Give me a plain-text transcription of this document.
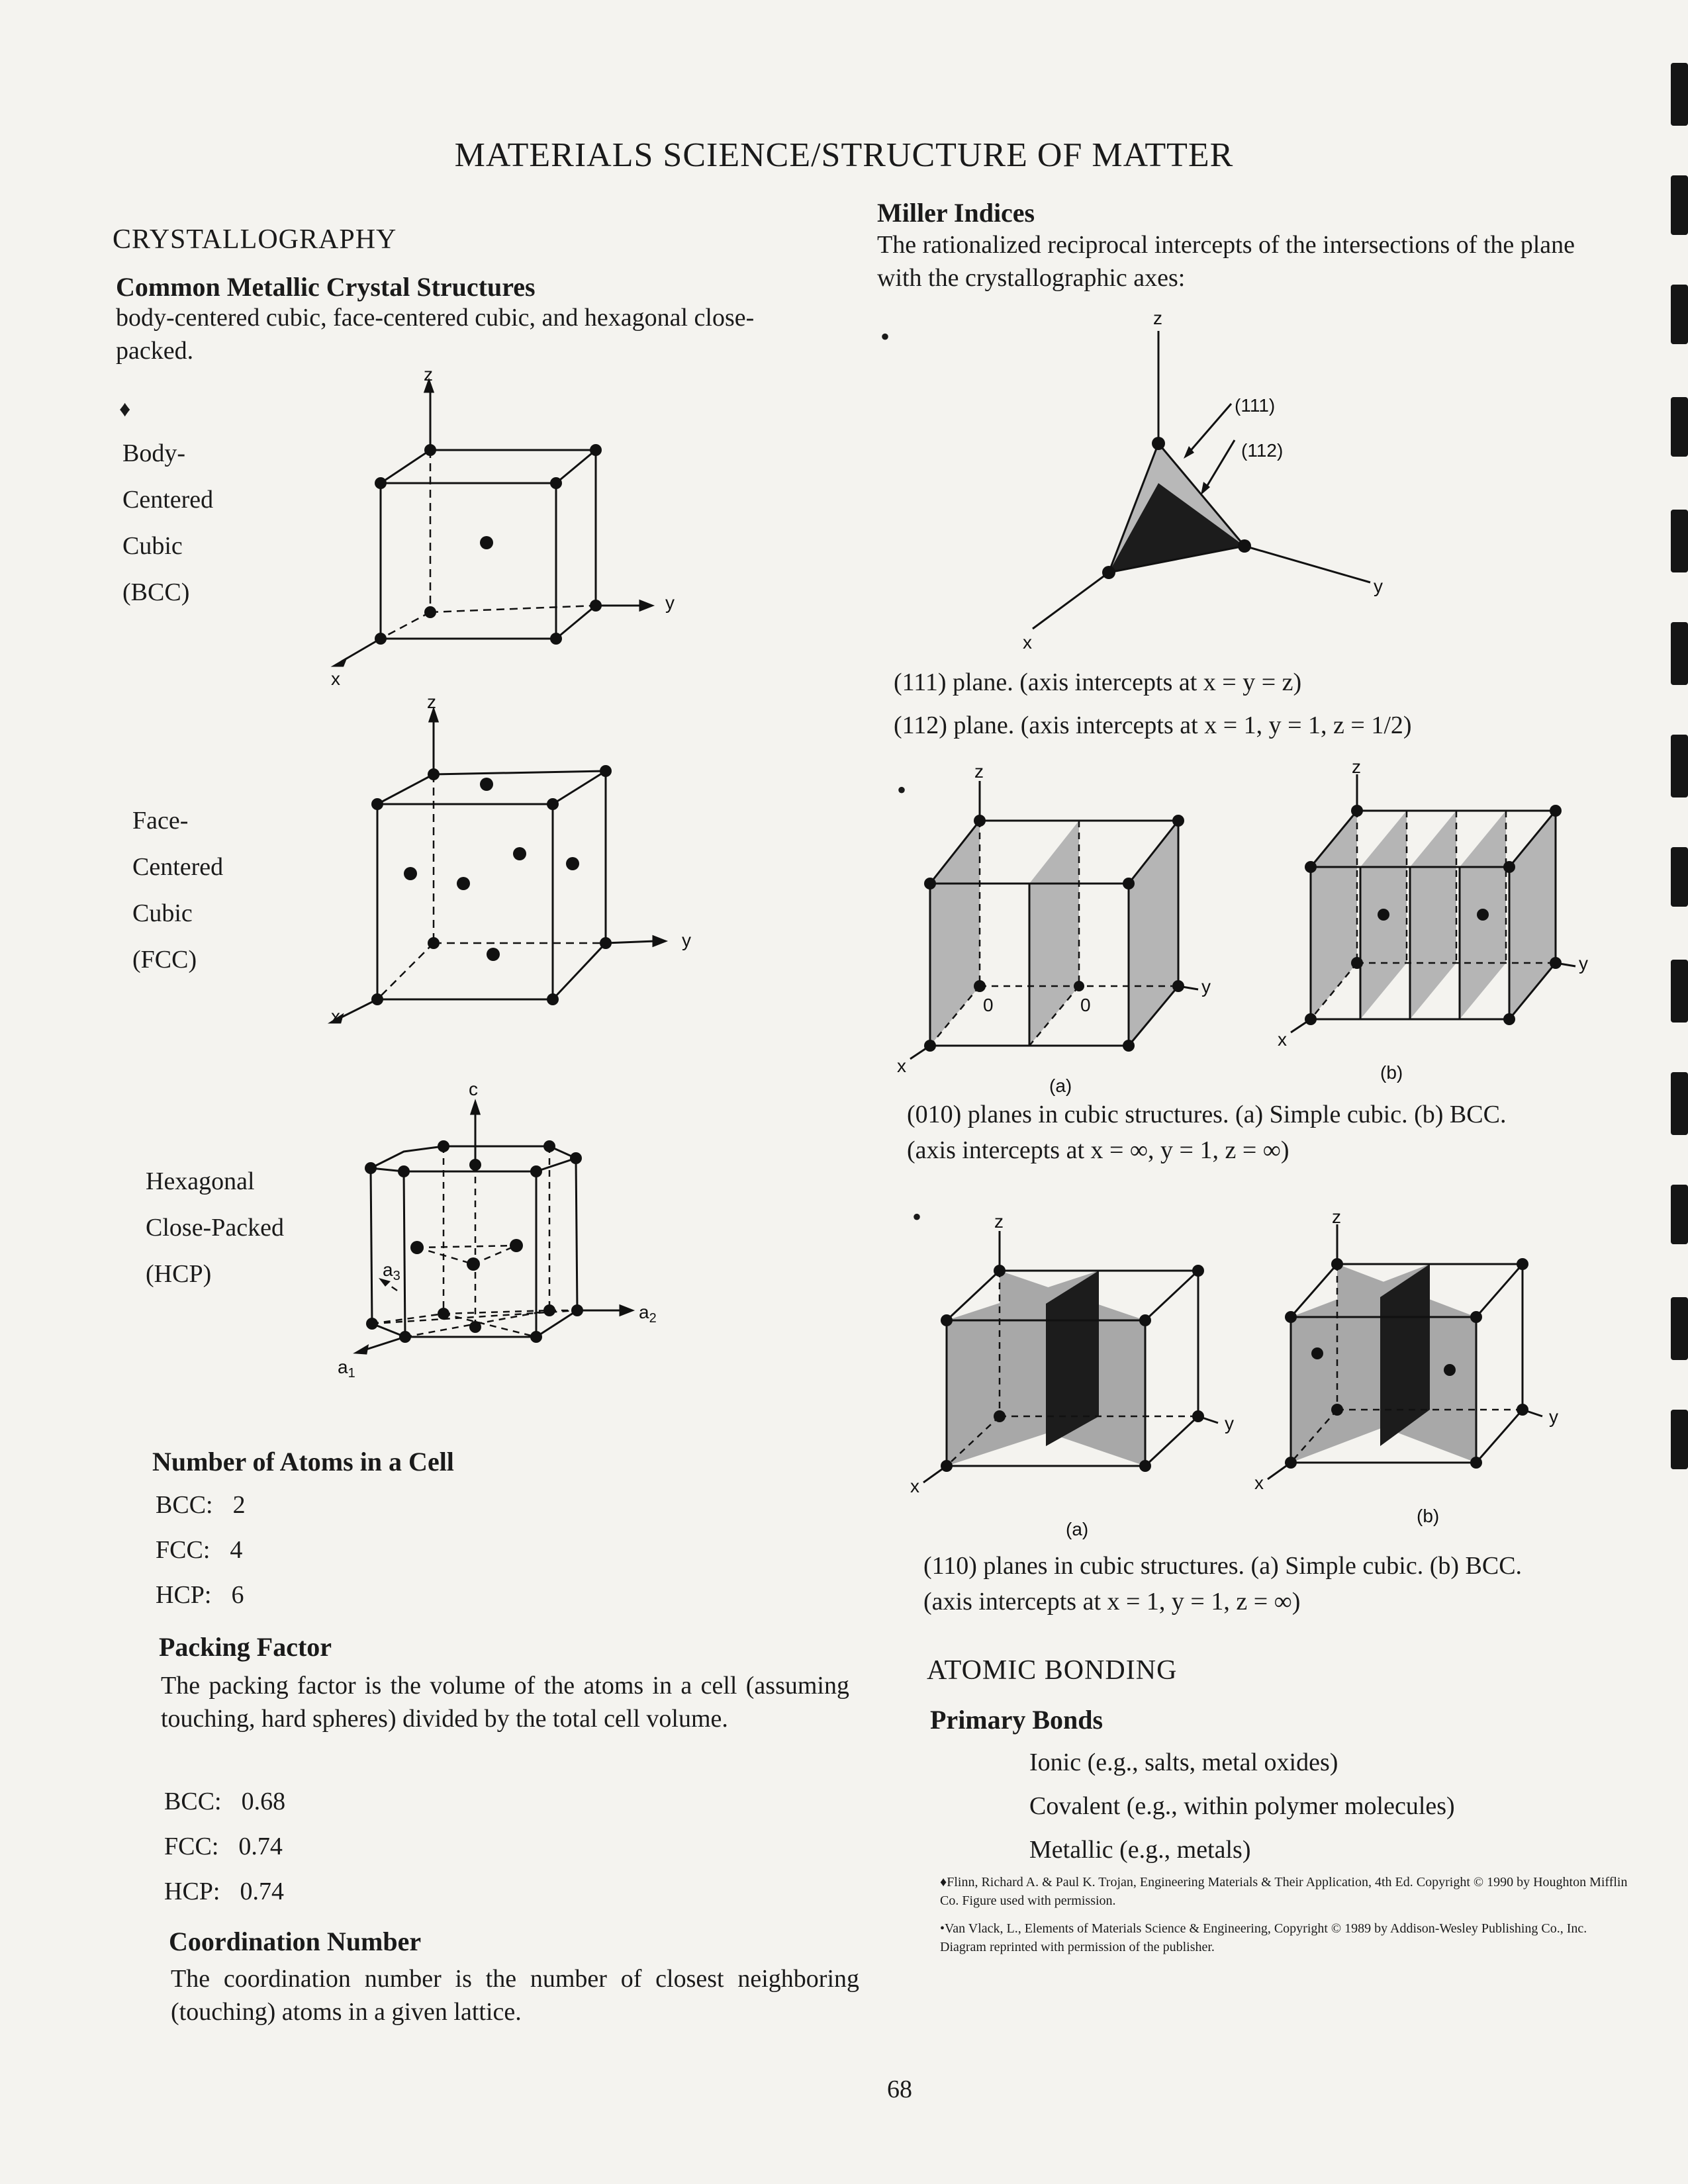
MATERIALS SCIENCE/STRUCTURE OF MATTER
CRYSTALLOGRAPHY
Common Metallic Crystal Structures
body-centered cubic, face-centered cubic, and hexagonal close-packed.
♦
Body-
Centered
Cubic
(BCC)
Face-
Centered
Cubic
(FCC)
Hexagonal
Close-Packed
(HCP)
z
y
x
z
y
x
c
$a_2$
$a_1$
$a_3$
Number of Atoms in a Cell
BCC: 2
FCC: 4
HCP: 6
Packing Factor
The packing factor is the volume of the atoms in a cell (assuming touching, hard spheres) divided by the total cell volume.
BCC: 0.68
FCC: 0.74
HCP: 0.74
Coordination Number
The coordination number is the number of closest neighboring (touching) atoms in a given lattice.
Miller Indices
The rationalized reciprocal intercepts of the intersections of the plane with the crystallographic axes:
•
z
y
x
(111)
(112)
(111) plane. (axis intercepts at x = y = z)
(112) plane. (axis intercepts at x = 1, y = 1, z = 1/2)
•
z
y
x
0	0
z
y
x
(a)
(b)
(010) planes in cubic structures. (a) Simple cubic. (b) BCC.
(axis intercepts at x = ∞, y = 1, z = ∞)
•	z
y
x
z
y
x
(a)
(b)
(110) planes in cubic structures. (a) Simple cubic. (b) BCC.
(axis intercepts at x = 1, y = 1, z = ∞)
ATOMIC BONDING
Primary Bonds
Ionic (e.g., salts, metal oxides)
Covalent (e.g., within polymer molecules)
Metallic (e.g., metals)
♦Flinn, Richard A. & Paul K. Trojan, Engineering Materials & Their Application, 4th Ed. Copyright © 1990 by Houghton Mifflin Co. Figure used with permission.
•Van Vlack, L., Elements of Materials Science & Engineering, Copyright © 1989 by Addison-Wesley Publishing Co., Inc. Diagram reprinted with permission of the publisher.
68
